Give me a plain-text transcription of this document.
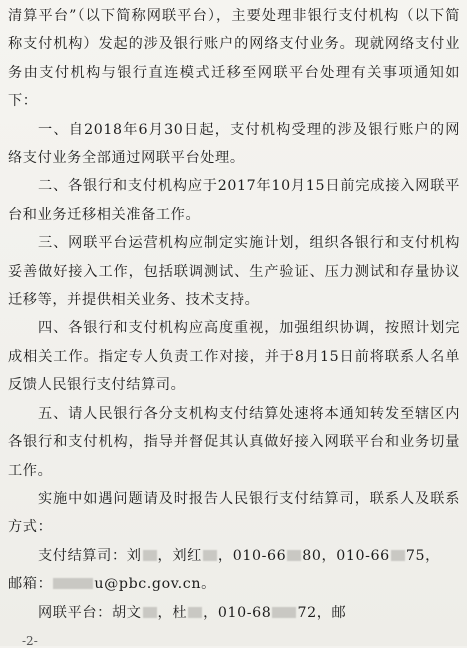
清算平台”（以下简称网联平台），主要处理非银行支付机构（以下简称支付机构）发起的涉及银行账户的网络支付业务。现就网络支付业务由支付机构与银行直连模式迁移至网联平台处理有关事项通知如下：

一、自2018年6月30日起，支付机构受理的涉及银行账户的网络支付业务全部通过网联平台处理。

二、各银行和支付机构应于2017年10月15日前完成接入网联平台和业务迁移相关准备工作。

三、网联平台运营机构应制定实施计划，组织各银行和支付机构妥善做好接入工作，包括联调测试、生产验证、压力测试和存量协议迁移等，并提供相关业务、技术支持。

四、各银行和支付机构应高度重视，加强组织协调，按照计划完成相关工作。指定专人负责工作对接，并于8月15日前将联系人名单反馈人民银行支付结算司。

五、请人民银行各分支机构支付结算处速将本通知转发至辖区内各银行和支付机构，指导并督促其认真做好接入网联平台和业务切量工作。

实施中如遇问题请及时报告人民银行支付结算司，联系人及联系方式：

支付结算司：刘 ，刘红 ，010-66 80，010-66 75，

邮箱：	u@pbc.gov.cn。

网联平台：胡文 ，杜 ，010-68 72，邮

-2-
